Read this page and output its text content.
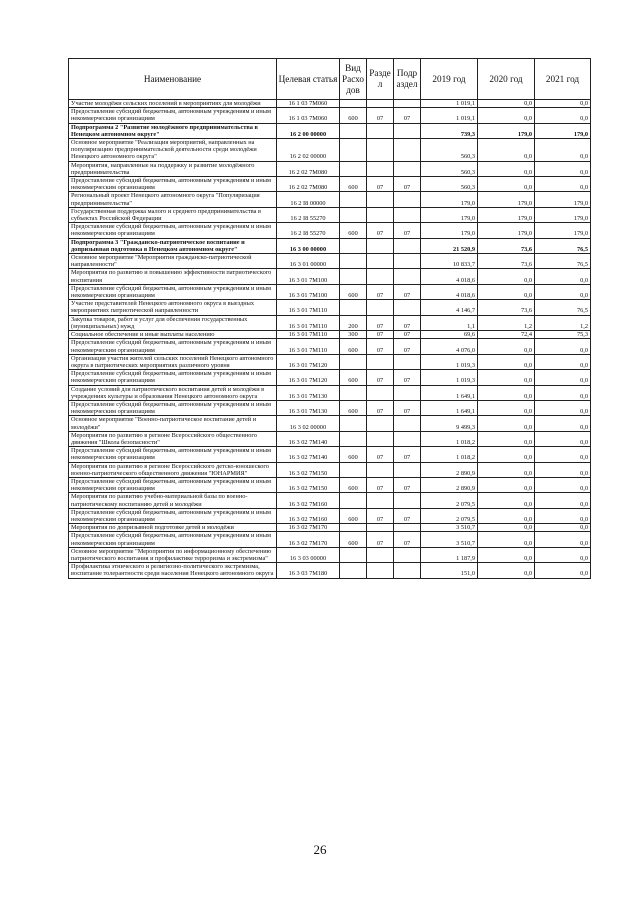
Наименование	Целевая статья	Вид Расхо дов	Разде л	Подр аздел	2019 год	2020 год	2021 год
Участие молодёжи сельских поселений в мероприятиях для молодёжи	16 1 03 7М060				1 019,1	0,0	0,0
Предоставление субсидий бюджетным, автономным учреждениям и иным некоммерческим организациям	16 1 03 7М060	600	07	07	1 019,1	0,0	0,0
Подпрограмма 2 "Развитие молодёжного предпринимательства в Ненецком автономном округе"	16 2 00 00000				739,3	179,0	179,0
Основное мероприятие "Реализация мероприятий, направленных на популяризацию предпринимательской деятельности среди молодёжи Ненецкого автономного округа"	16 2 02 00000				560,3	0,0	0,0
Мероприятия, направленные на поддержку и развитие молодёжного предпринимательства	16 2 02 7М080				560,3	0,0	0,0
Предоставление субсидий бюджетным, автономным учреждениям и иным некоммерческим организациям	16 2 02 7М080	600	07	07	560,3	0,0	0,0
Региональный проект Ненецкого автономного округа "Популяризация предпринимательства"	16 2 I8 00000				179,0	179,0	179,0
Государственная поддержка малого и среднего предпринимательства в субъектах Российской Федерации	16 2 I8 55270				179,0	179,0	179,0
Предоставление субсидий бюджетным, автономным учреждениям и иным некоммерческим организациям	16 2 I8 55270	600	07	07	179,0	179,0	179,0
Подпрограмма 3 "Гражданско-патриотическое воспитание и допризывная подготовка в Ненецком автономном округе"	16 3 00 00000				21 520,9	73,6	76,5
Основное мероприятие "Мероприятия гражданско-патриотической направленности"	16 3 01 00000				10 833,7	73,6	76,5
Мероприятия по развитию и повышению эффективности патриотического воспитания	16 3 01 7М100				4 018,6	0,0	0,0
Предоставление субсидий бюджетным, автономным учреждениям и иным некоммерческим организациям	16 3 01 7М100	600	07	07	4 018,6	0,0	0,0
Участие представителей Ненецкого автономного округа в выездных мероприятиях патриотической направленности	16 3 01 7М110				4 146,7	73,6	76,5
Закупка товаров, работ и услуг для обеспечения государственных (муниципальных) нужд	16 3 01 7М110	200	07	07	1,1	1,2	1,2
Социальное обеспечение и иные выплаты населению	16 3 01 7М110	300	07	07	69,6	72,4	75,3
Предоставление субсидий бюджетным, автономным учреждениям и иным некоммерческим организациям	16 3 01 7М110	600	07	07	4 076,0	0,0	0,0
Организация участия жителей сельских поселений Ненецкого автономного округа в патриотических мероприятиях различного уровня	16 3 01 7М120				1 019,3	0,0	0,0
Предоставление субсидий бюджетным, автономным учреждениям и иным некоммерческим организациям	16 3 01 7М120	600	07	07	1 019,3	0,0	0,0
Создание условий для патриотического воспитания детей и молодёжи в учреждениях культуры и образования Ненецкого автономного округа	16 3 01 7М130				1 649,1	0,0	0,0
Предоставление субсидий бюджетным, автономным учреждениям и иным некоммерческим организациям	16 3 01 7М130	600	07	07	1 649,1	0,0	0,0
Основное мероприятие "Военно-патриотическое воспитание детей и молодёжи"	16 3 02 00000				9 499,3	0,0	0,0
Мероприятия по развитию в регионе Всероссийского общественного движения "Школа безопасности"	16 3 02 7М140				1 018,2	0,0	0,0
Предоставление субсидий бюджетным, автономным учреждениям и иным некоммерческим организациям	16 3 02 7М140	600	07	07	1 018,2	0,0	0,0
Мероприятия по развитию в регионе Всероссийского детско-юношеского военно-патриотического общественного движения "ЮНАРМИЯ"	16 3 02 7М150				2 890,9	0,0	0,0
Предоставление субсидий бюджетным, автономным учреждениям и иным некоммерческим организациям	16 3 02 7М150	600	07	07	2 890,9	0,0	0,0
Мероприятия по развитию учебно-материальной базы по военно-патриотическому воспитанию детей и молодёжи	16 3 02 7М160				2 079,5	0,0	0,0
Предоставление субсидий бюджетным, автономным учреждениям и иным некоммерческим организациям	16 3 02 7М160	600	07	07	2 079,5	0,0	0,0
Мероприятия по допризывной подготовке детей и молодёжи	16 3 02 7М170				3 510,7	0,0	0,0
Предоставление субсидий бюджетным, автономным учреждениям и иным некоммерческим организациям	16 3 02 7М170	600	07	07	3 510,7	0,0	0,0
Основное мероприятие "Мероприятия по информационному обеспечению патриотического воспитания и профилактике терроризма и экстремизма"	16 3 03 00000				1 187,9	0,0	0,0
Профилактика этнического и религиозно-политического экстремизма, воспитание толерантности среди населения Ненецкого автономного округа	16 3 03 7М180				151,0	0,0	0,0
26
